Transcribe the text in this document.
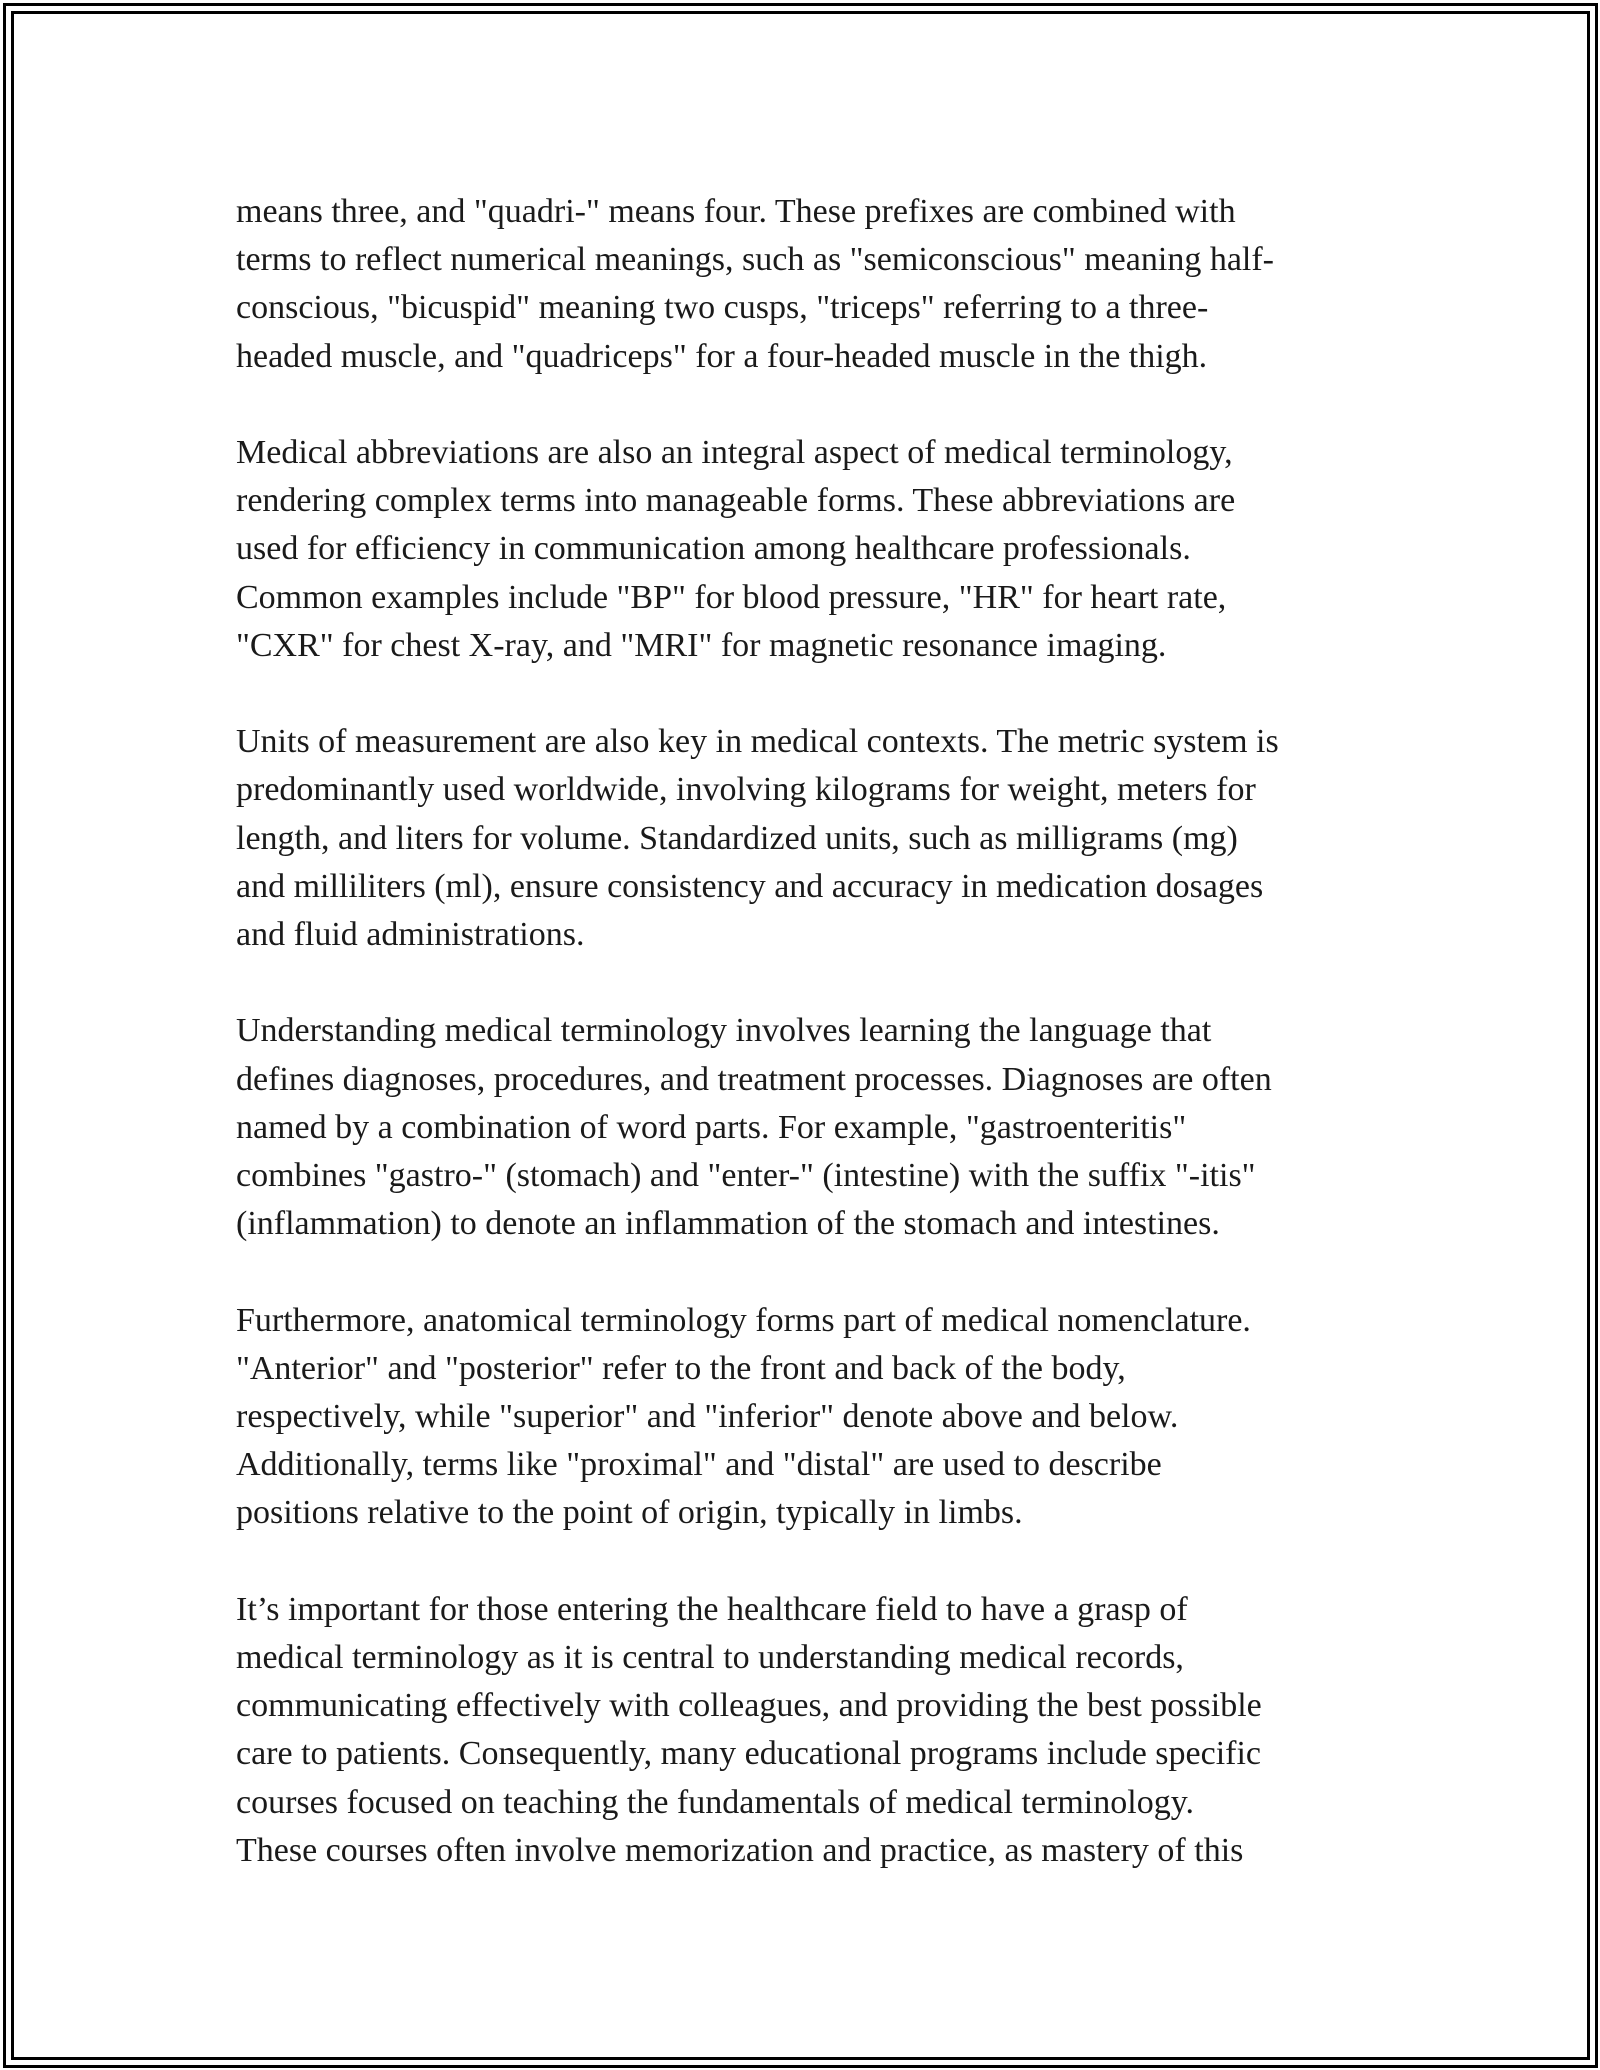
means three, and "quadri-" means four. These prefixes are combined with
terms to reflect numerical meanings, such as "semiconscious" meaning half-
conscious, "bicuspid" meaning two cusps, "triceps" referring to a three-
headed muscle, and "quadriceps" for a four-headed muscle in the thigh.

Medical abbreviations are also an integral aspect of medical terminology,
rendering complex terms into manageable forms. These abbreviations are
used for efficiency in communication among healthcare professionals.
Common examples include "BP" for blood pressure, "HR" for heart rate,
"CXR" for chest X-ray, and "MRI" for magnetic resonance imaging.

Units of measurement are also key in medical contexts. The metric system is
predominantly used worldwide, involving kilograms for weight, meters for
length, and liters for volume. Standardized units, such as milligrams (mg)
and milliliters (ml), ensure consistency and accuracy in medication dosages
and fluid administrations.

Understanding medical terminology involves learning the language that
defines diagnoses, procedures, and treatment processes. Diagnoses are often
named by a combination of word parts. For example, "gastroenteritis"
combines "gastro-" (stomach) and "enter-" (intestine) with the suffix "-itis"
(inflammation) to denote an inflammation of the stomach and intestines.

Furthermore, anatomical terminology forms part of medical nomenclature.
"Anterior" and "posterior" refer to the front and back of the body,
respectively, while "superior" and "inferior" denote above and below.
Additionally, terms like "proximal" and "distal" are used to describe
positions relative to the point of origin, typically in limbs.

It’s important for those entering the healthcare field to have a grasp of
medical terminology as it is central to understanding medical records,
communicating effectively with colleagues, and providing the best possible
care to patients. Consequently, many educational programs include specific
courses focused on teaching the fundamentals of medical terminology.
These courses often involve memorization and practice, as mastery of this
